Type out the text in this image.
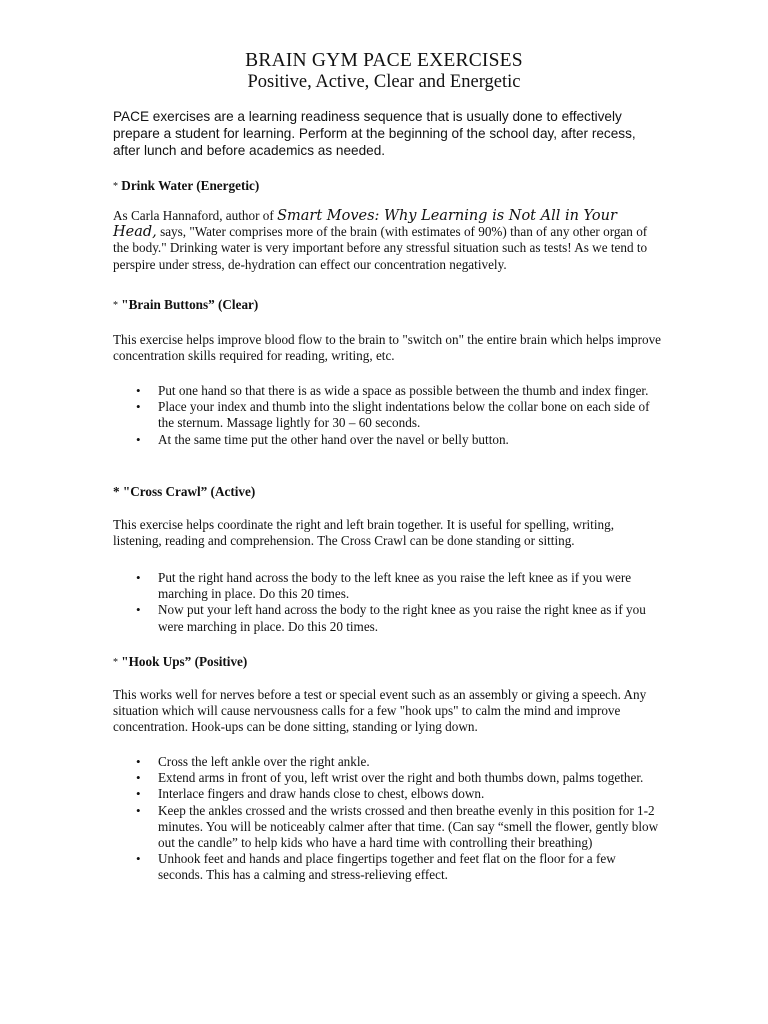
BRAIN GYM PACE EXERCISES
Positive, Active, Clear and Energetic
PACE exercises are a learning readiness sequence that is usually done to effectively prepare a student for learning. Perform at the beginning of the school day, after recess, after lunch and before academics as needed.
* Drink Water (Energetic)
As Carla Hannaford, author of Smart Moves: Why Learning is Not All in Your Head, says, "Water comprises more of the brain (with estimates of 90%) than of any other organ of the body." Drinking water is very important before any stressful situation such as tests! As we tend to perspire under stress, de-hydration can effect our concentration negatively.
* "Brain Buttons” (Clear)
This exercise helps improve blood flow to the brain to "switch on" the entire brain which helps improve concentration skills required for reading, writing, etc.
• Put one hand so that there is as wide a space as possible between the thumb and index finger.
• Place your index and thumb into the slight indentations below the collar bone on each side of the sternum. Massage lightly for 30 – 60 seconds.
• At the same time put the other hand over the navel or belly button.
* "Cross Crawl” (Active)
This exercise helps coordinate the right and left brain together. It is useful for spelling, writing, listening, reading and comprehension. The Cross Crawl can be done standing or sitting.
• Put the right hand across the body to the left knee as you raise the left knee as if you were marching in place. Do this 20 times.
• Now put your left hand across the body to the right knee as you raise the right knee as if you were marching in place. Do this 20 times.
* "Hook Ups” (Positive)
This works well for nerves before a test or special event such as an assembly or giving a speech. Any situation which will cause nervousness calls for a few "hook ups" to calm the mind and improve concentration. Hook-ups can be done sitting, standing or lying down.
• Cross the left ankle over the right ankle.
• Extend arms in front of you, left wrist over the right and both thumbs down, palms together.
• Interlace fingers and draw hands close to chest, elbows down.
• Keep the ankles crossed and the wrists crossed and then breathe evenly in this position for 1-2 minutes. You will be noticeably calmer after that time. (Can say “smell the flower, gently blow out the candle” to help kids who have a hard time with controlling their breathing)
• Unhook feet and hands and place fingertips together and feet flat on the floor for a few seconds. This has a calming and stress-relieving effect.
